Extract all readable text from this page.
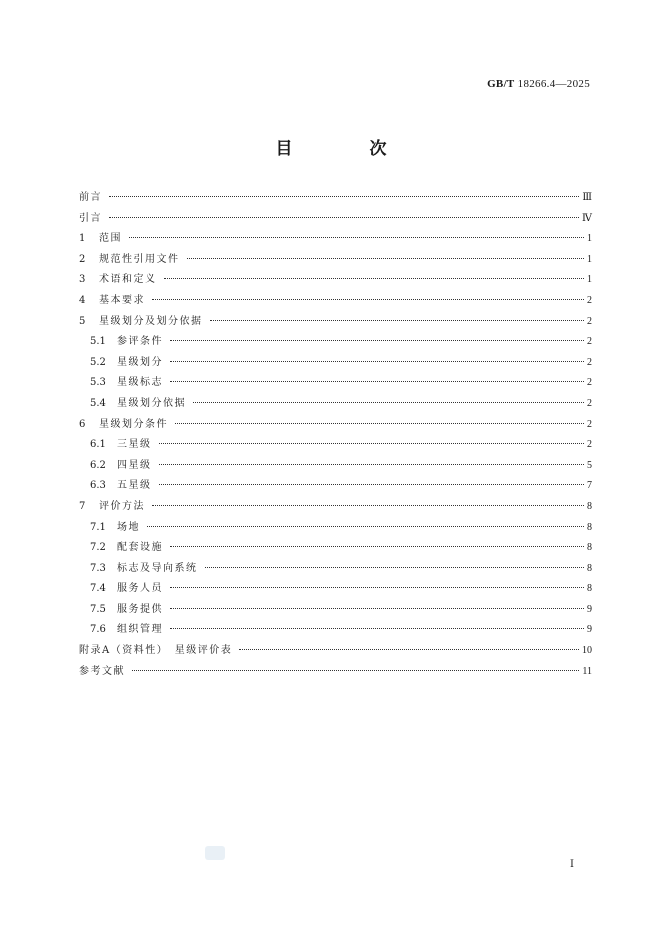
GB/T 18266.4—2025
目　次
前言	Ⅲ
引言	Ⅳ
1	范围	1
2	规范性引用文件	1
3	术语和定义	1
4	基本要求	2
5	星级划分及划分依据	2
5.1	参评条件	2
5.2	星级划分	2
5.3	星级标志	2
5.4	星级划分依据	2
6	星级划分条件	2
6.1	三星级	2
6.2	四星级	5
6.3	五星级	7
7	评价方法	8
7.1	场地	8
7.2	配套设施	8
7.3	标志及导向系统	8
7.4	服务人员	8
7.5	服务提供	9
7.6	组织管理	9
附录A（资料性）　星级评价表	10
参考文献	11
Ⅰ
